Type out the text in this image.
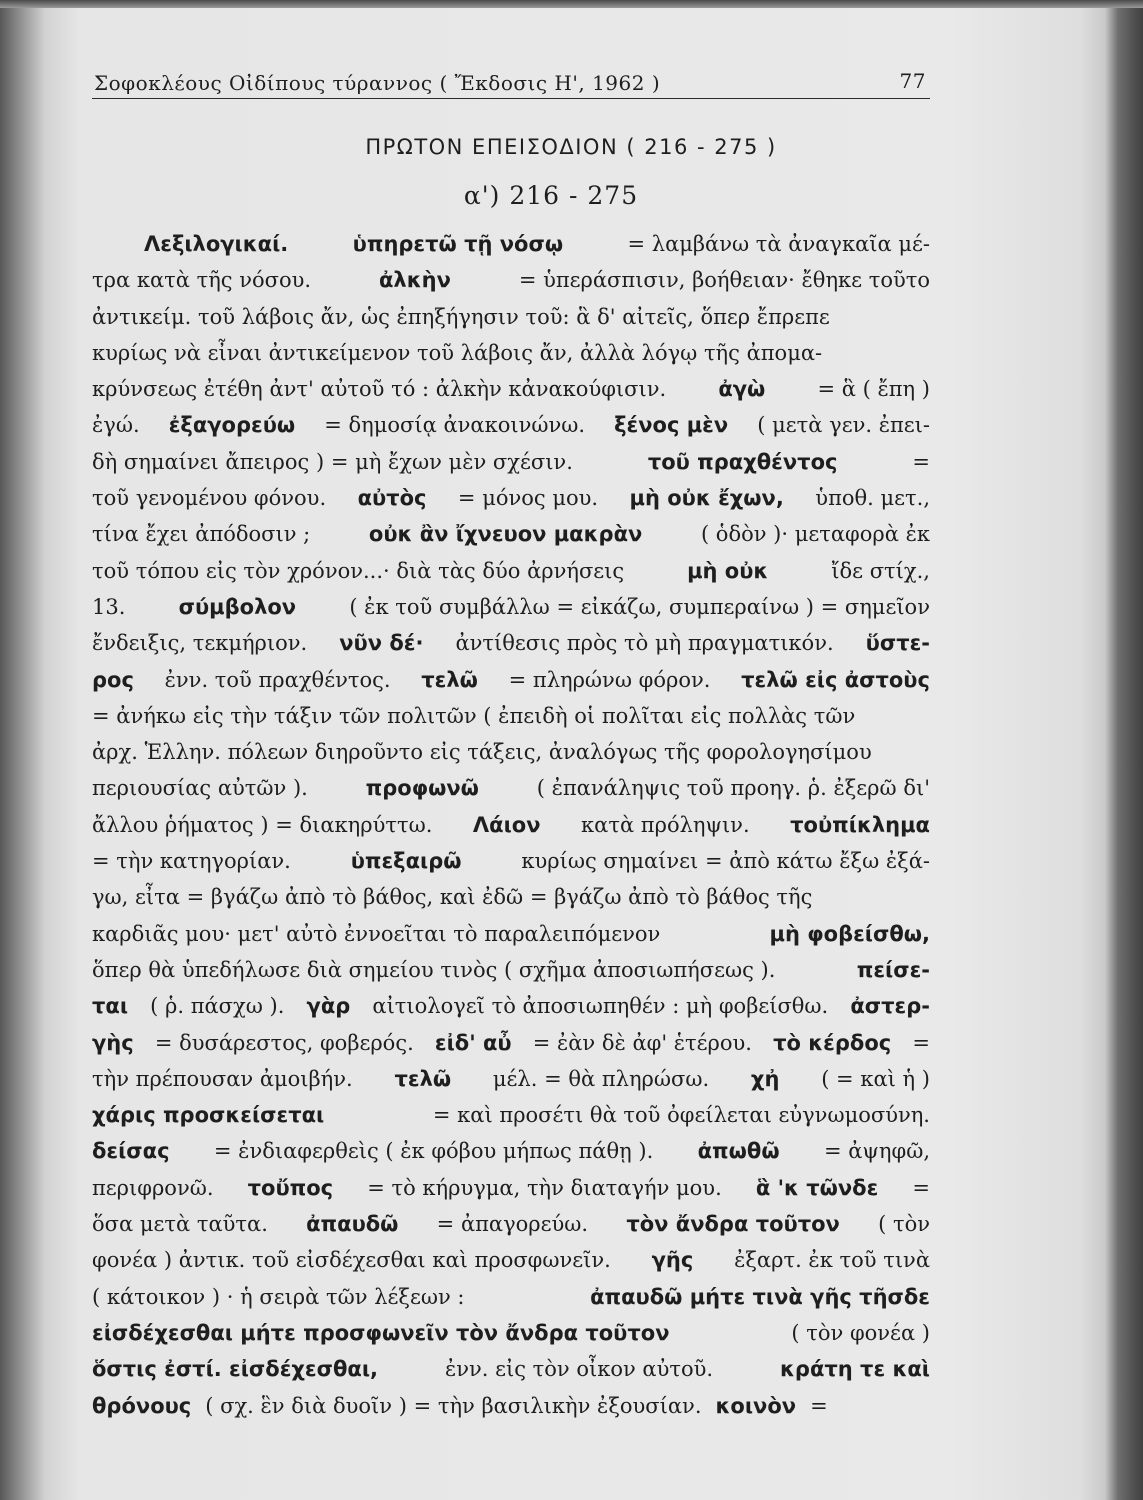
Σοφοκλέους Οἰδίπους τύραννος ( Ἔκδοσις Η', 1962 )	77
ΠΡΩΤΟΝ ΕΠΕΙΣΟΔΙΟΝ ( 216 - 275 )
α') 216 - 275
Λεξιλογικαί.	ὑπηρετῶ τῇ νόσῳ	= λαμβάνω τὰ ἀναγκαῖα μέ-
τρα κατὰ τῆς νόσου.	ἀλκὴν	= ὑπεράσπισιν, βοήθειαν· ἔθηκε τοῦτο
ἀντικείμ. τοῦ λάβοις ἄν, ὡς ἐπηξήγησιν τοῦ: ἃ δ' αἰτεῖς, ὅπερ ἔπρεπε
κυρίως νὰ εἶναι ἀντικείμενον τοῦ λάβοις ἄν, ἀλλὰ λόγῳ τῆς ἀπομα-
κρύνσεως ἐτέθη ἀντ' αὐτοῦ τό : ἀλκὴν κἀνακούφισιν. ἀγὼ = ἃ ( ἔπη )
ἐγώ. ἐξαγορεύω = δημοσίᾳ ἀνακοινώνω. ξένος μὲν ( μετὰ γεν. ἐπει-
δὴ σημαίνει ἄπειρος ) = μὴ ἔχων μὲν σχέσιν.	τοῦ πραχθέντος	=
τοῦ γενομένου φόνου. αὐτὸς = μόνος μου. μὴ οὐκ ἔχων, ὑποθ. μετ.,
τίνα ἔχει ἀπόδοσιν ;	οὐκ ἂν ἴχνευον μακρὰν	( ὁδὸν )· μεταφορὰ ἐκ
τοῦ τόπου εἰς τὸν χρόνον...· διὰ τὰς δύο ἀρνήσεις	μὴ οὐκ	ἴδε στίχ.,
13.	σύμβολον	( ἐκ τοῦ συμβάλλω = εἰκάζω, συμπεραίνω ) = σημεῖον
ἔνδειξις, τεκμήριον. νῦν δέ· ἀντίθεσις πρὸς τὸ μὴ πραγματικόν. ὕστε-
ρος ἐνν. τοῦ πραχθέντος. τελῶ = πληρώνω φόρον. τελῶ εἰς ἀστοὺς
= ἀνήκω εἰς τὴν τάξιν τῶν πολιτῶν ( ἐπειδὴ οἱ πολῖται εἰς πολλὰς τῶν
ἀρχ. Ἑλλην. πόλεων διηροῦντο εἰς τάξεις, ἀναλόγως τῆς φορολογησίμου
περιουσίας αὐτῶν ).	προφωνῶ	( ἐπανάληψις τοῦ προηγ. ῥ. ἐξερῶ δι'
ἄλλου ῥήματος ) = διακηρύττω. Λάιον κατὰ πρόληψιν. τοὐπίκλημα
= τὴν κατηγορίαν.	ὑπεξαιρῶ	κυρίως σημαίνει = ἀπὸ κάτω ἔξω ἐξά-
γω, εἶτα = βγάζω ἀπὸ τὸ βάθος, καὶ ἐδῶ = βγάζω ἀπὸ τὸ βάθος τῆς
καρδιᾶς μου· μετ' αὐτὸ ἐννοεῖται τὸ παραλειπόμενον	μὴ φοβείσθω,
ὅπερ θὰ ὑπεδήλωσε διὰ σημείου τινὸς ( σχῆμα ἀποσιωπήσεως ).	πείσε-
ται ( ῥ. πάσχω ). γὰρ αἰτιολογεῖ τὸ ἀποσιωπηθέν : μὴ φοβείσθω. ἀστερ-
γὴς = δυσάρεστος, φοβερός. εἰδ' αὖ = ἐὰν δὲ ἀφ' ἑτέρου. τὸ κέρδος =
τὴν πρέπουσαν ἀμοιβήν. τελῶ μέλ. = θὰ πληρώσω. χἠ ( = καὶ ἡ )
χάρις προσκείσεται	= καὶ προσέτι θὰ τοῦ ὀφείλεται εὐγνωμοσύνη.
δείσας = ἐνδιαφερθεὶς ( ἐκ φόβου μήπως πάθῃ ). ἀπωθῶ = ἀψηφῶ,
περιφρονῶ. τοὔπος = τὸ κήρυγμα, τὴν διαταγήν μου. ἃ 'κ τῶνδε =
ὅσα μετὰ ταῦτα. ἀπαυδῶ = ἀπαγορεύω. τὸν ἄνδρα τοῦτον ( τὸν
φονέα ) ἀντικ. τοῦ εἰσδέχεσθαι καὶ προσφωνεῖν. γῆς ἐξαρτ. ἐκ τοῦ τινὰ
( κάτοικον ) · ἡ σειρὰ τῶν λέξεων :	ἀπαυδῶ μήτε τινὰ γῆς τῆσδε
εἰσδέχεσθαι μήτε προσφωνεῖν τὸν ἄνδρα τοῦτον	( τὸν φονέα )
ὅστις ἐστί. εἰσδέχεσθαι,	ἐνν. εἰς τὸν οἶκον αὐτοῦ.	κράτη τε καὶ
θρόνους ( σχ. ἓν διὰ δυοῖν ) = τὴν βασιλικὴν ἐξουσίαν. κοινὸν =
